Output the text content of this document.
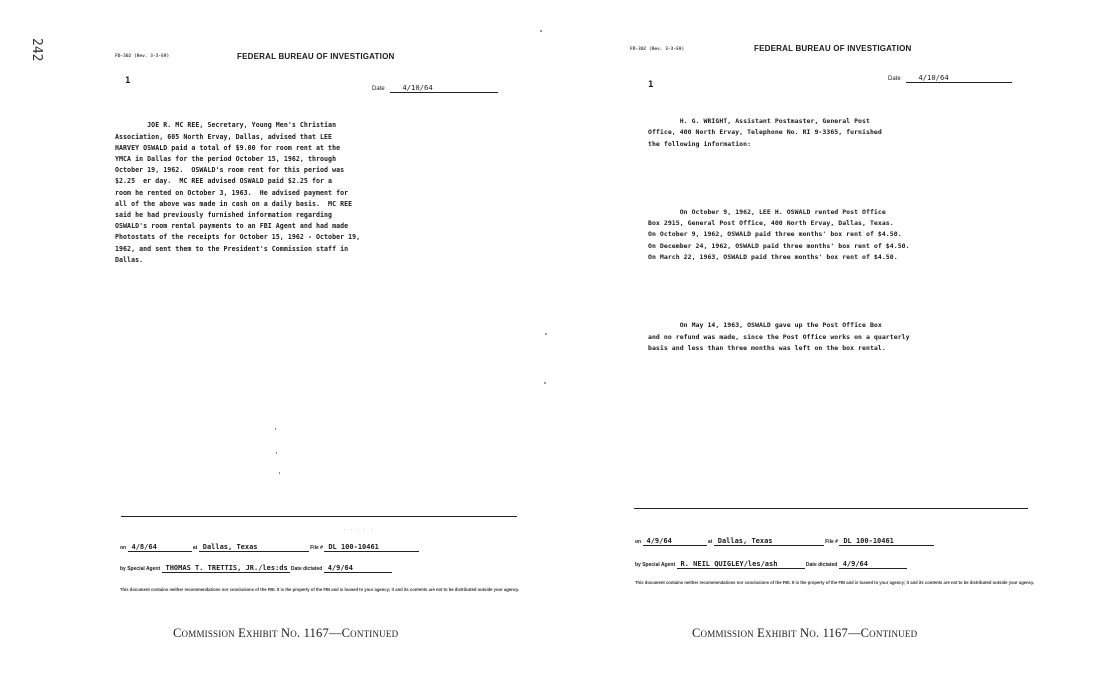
242	FD-302 (Rev. 3-3-59)	FEDERAL BUREAU OF INVESTIGATION
1
Date 4/10/64

JOE R. MC REE, Secretary, Young Men's Christian
Association, 605 North Ervay, Dallas, advised that LEE
HARVEY OSWALD paid a total of $9.00 for room rent at the
YMCA in Dallas for the period October 15, 1962, through
October 19, 1962.  OSWALD's room rent for this period was
$2.25  er day.  MC REE advised OSWALD paid $2.25 for a
room he rented on October 3, 1963.  He advised payment for
all of the above was made in cash on a daily basis.  MC REE
said he had previously furnished information regarding
OSWALD's room rental payments to an FBI Agent and had made
Photostats of the receipts for October 15, 1962 - October 19,
1962, and sent them to the President's Commission staff in
Dallas.

· · · · ·
on 4/8/64	at Dallas, Texas	File # DL 100-10461
by Special Agent THOMAS T. TRETTIS, JR./les:ds Date dictated 4/9/64
This document contains neither recommendations nor conclusions of the FBI. It is the property of the FBI and is loaned to your agency; it and its contents are not to be distributed outside your agency.
Commission Exhibit No. 1167—Continued
FD-302 (Rev. 3-3-59)	FEDERAL BUREAU OF INVESTIGATION
1
Date 4/10/64

H. G. WRIGHT, Assistant Postmaster, General Post
Office, 400 North Ervay, Telephone No. RI 9-3365, furnished
the following information:

On October 9, 1962, LEE H. OSWALD rented Post Office
Box 2915, General Post Office, 400 North Ervay, Dallas, Texas.
On October 9, 1962, OSWALD paid three months' box rent of $4.50.
On December 24, 1962, OSWALD paid three months' box rent of $4.50.
On March 22, 1963, OSWALD paid three months' box rent of $4.50.

On May 14, 1963, OSWALD gave up the Post Office Box
and no refund was made, since the Post Office works on a quarterly
basis and less than three months was left on the box rental.

on 4/9/64	at Dallas, Texas	File # DL 100-10461
by Special Agent R. NEIL QUIGLEY/les/ash	Date dictated 4/9/64
This document contains neither recommendations nor conclusions of the FBI. It is the property of the FBI and is loaned to your agency; it and its contents are not to be distributed outside your agency.
Commission Exhibit No. 1167—Continued
